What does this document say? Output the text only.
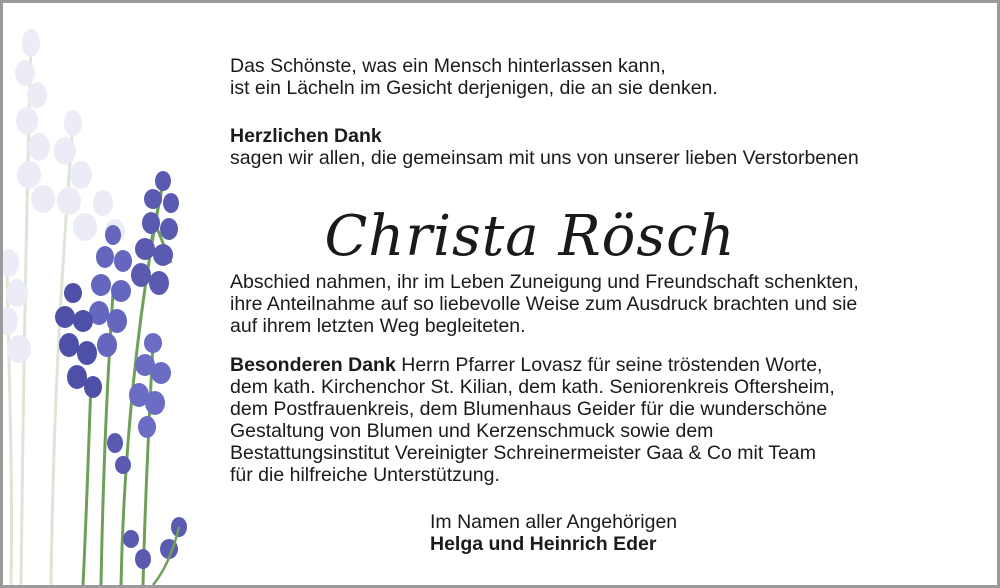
Das Schönste, was ein Mensch hinterlassen kann,
ist ein Lächeln im Gesicht derjenigen, die an sie denken.
Herzlichen Dank
sagen wir allen, die gemeinsam mit uns von unserer lieben Verstorbenen
Christa Rösch
Abschied nahmen, ihr im Leben Zuneigung und Freundschaft schenkten,
ihre Anteilnahme auf so liebevolle Weise zum Ausdruck brachten und sie
auf ihrem letzten Weg begleiteten.
Besonderen Dank Herrn Pfarrer Lovasz für seine tröstenden Worte,
dem kath. Kirchenchor St. Kilian, dem kath. Seniorenkreis Oftersheim,
dem Postfrauenkreis, dem Blumenhaus Geider für die wunderschöne
Gestaltung von Blumen und Kerzenschmuck sowie dem
Bestattungsinstitut Vereinigter Schreinermeister Gaa & Co mit Team
für die hilfreiche Unterstützung.
Im Namen aller Angehörigen
Helga und Heinrich Eder
